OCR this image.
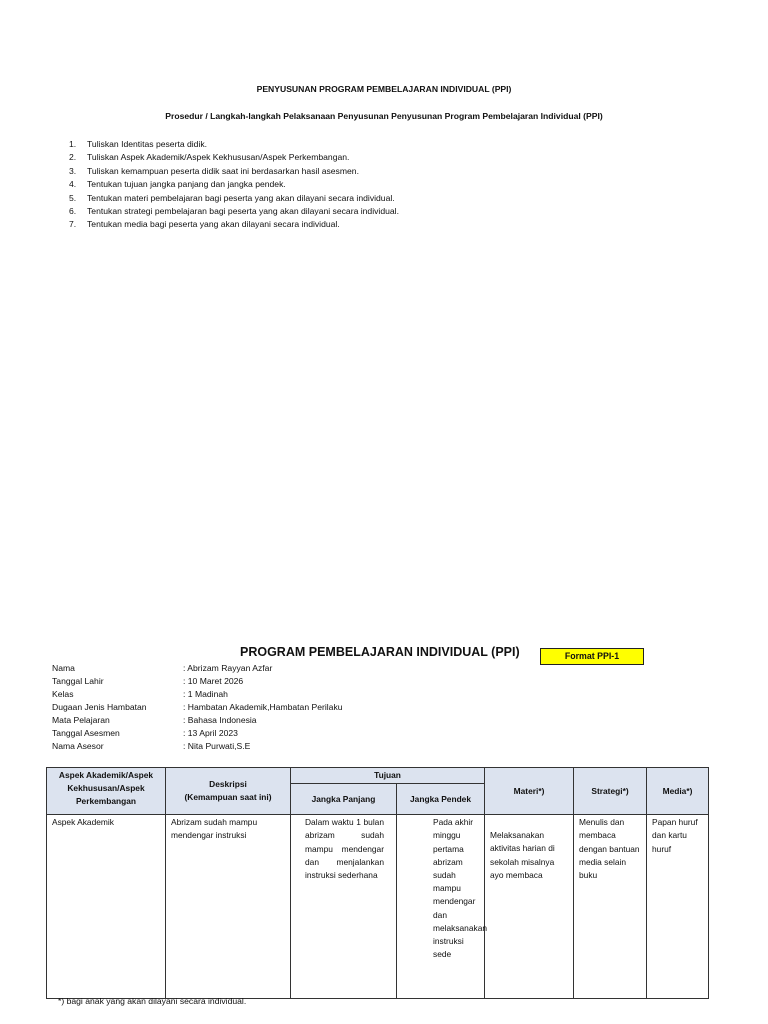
PENYUSUNAN PROGRAM PEMBELAJARAN INDIVIDUAL (PPI)
Prosedur / Langkah-langkah Pelaksanaan Penyusunan Penyusunan Program Pembelajaran Individual (PPI)
1. Tuliskan Identitas peserta didik.
2. Tuliskan Aspek Akademik/Aspek Kekhususan/Aspek Perkembangan.
3. Tuliskan kemampuan peserta didik saat ini berdasarkan hasil asesmen.
4. Tentukan tujuan jangka panjang dan jangka pendek.
5. Tentukan materi pembelajaran bagi peserta yang akan dilayani secara individual.
6. Tentukan strategi pembelajaran bagi peserta yang akan dilayani secara individual.
7. Tentukan media bagi peserta yang akan dilayani secara individual.
PROGRAM PEMBELAJARAN INDIVIDUAL (PPI)	Format PPI-1
Nama	: Abrizam Rayyan Azfar
Tanggal Lahir	: 10 Maret 2026
Kelas	: 1 Madinah
Dugaan Jenis Hambatan	: Hambatan Akademik,Hambatan Perilaku
Mata Pelajaran	: Bahasa Indonesia
Tanggal Asesmen	: 13 April 2023
Nama Asesor	: Nita Purwati,S.E
Aspek Akademik/Aspek Kekhususan/Aspek Perkembangan	Deskripsi
(Kemampuan saat ini)	Tujuan		Materi*)	Strategi*)	Media*)
		Jangka Panjang	Jangka Pendek			
Aspek Akademik	Abrizam sudah mampu mendengar instruksi	Dalam waktu 1 bulan abrizam sudah mampu mendengar dan menjalankan instruksi sederhana	Pada akhir minggu pertama abrizam sudah mampu mendengar dan melaksanakan instruksi sede	Melaksanakan aktivitas harian di sekolah misalnya ayo membaca	Menulis dan membaca dengan bantuan media selain buku	Papan huruf dan kartu huruf
*) bagi anak yang akan dilayani secara individual.
